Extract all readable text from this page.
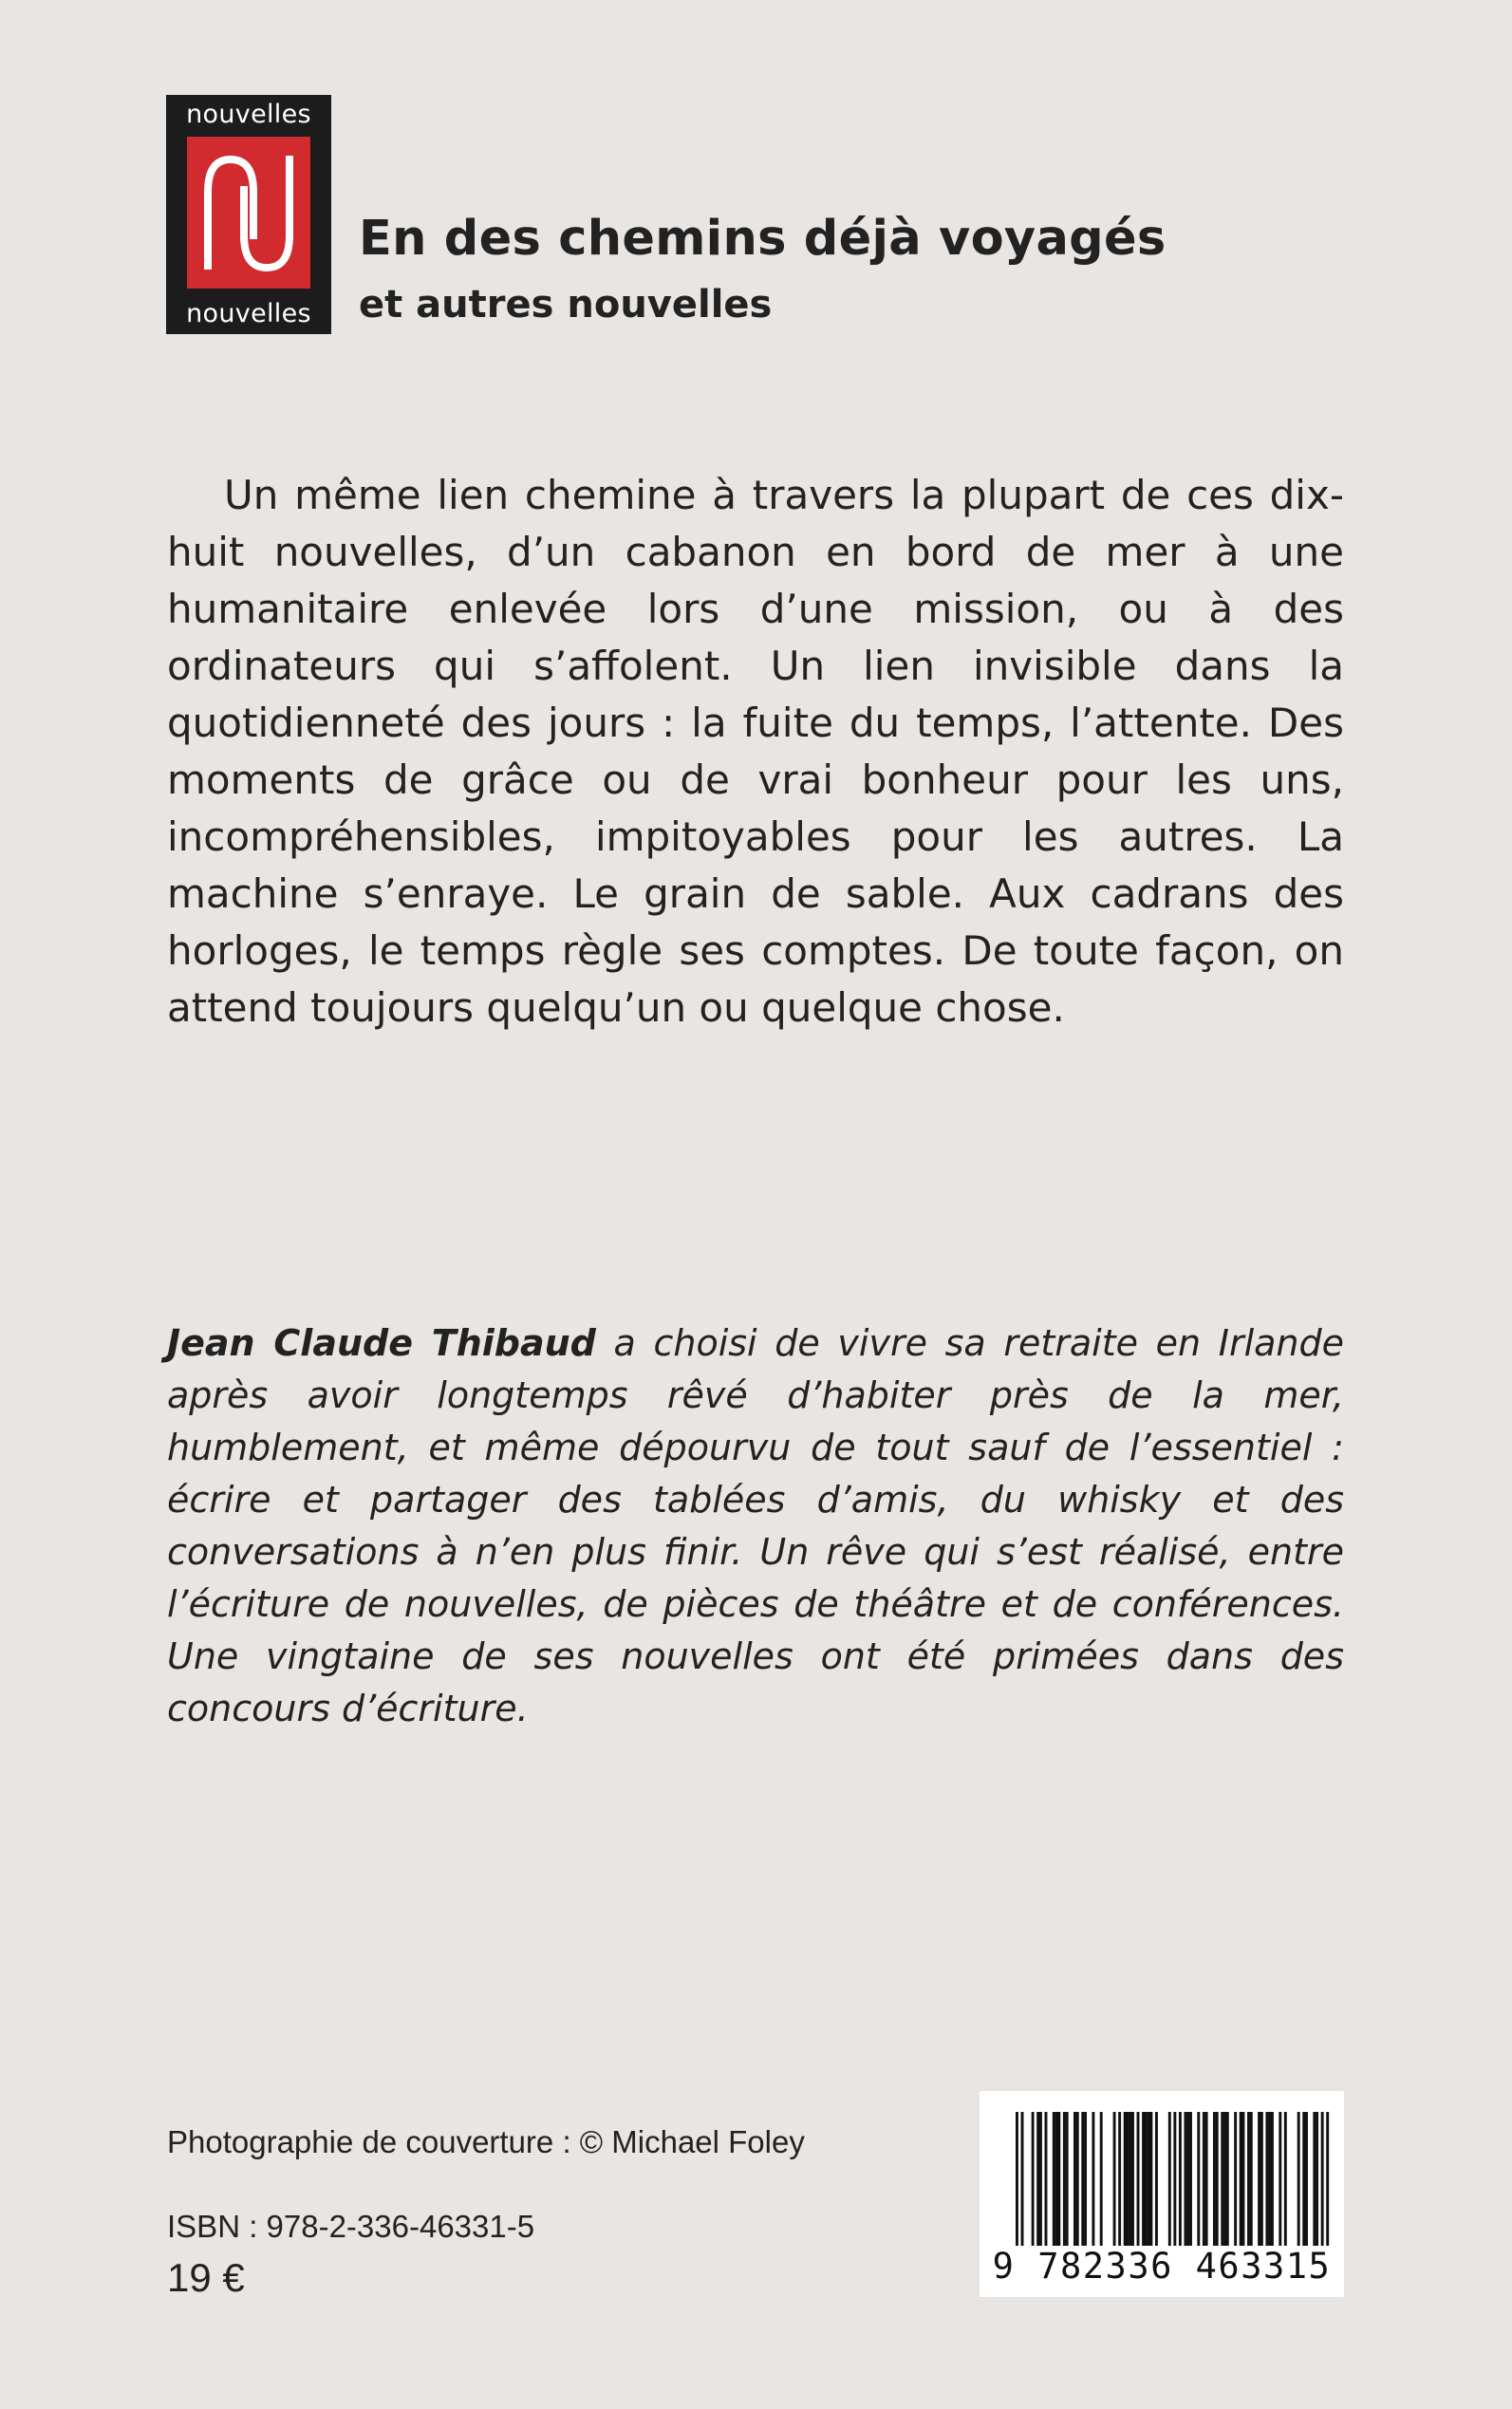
nouvelles
nouvelles
En des chemins déjà voyagés
et autres nouvelles

Un même lien chemine à travers la plupart de ces dix-huit nouvelles, d’un cabanon en bord de mer à une humanitaire enlevée lors d’une mission, ou à des ordinateurs qui s’affolent. Un lien invisible dans la quotidienneté des jours : la fuite du temps, l’attente. Des moments de grâce ou de vrai bonheur pour les uns, incompréhensibles, impitoyables pour les autres. La machine s’enraye. Le grain de sable. Aux cadrans des horloges, le temps règle ses comptes. De toute façon, on attend toujours quelqu’un ou quelque chose.

Jean Claude Thibaud a choisi de vivre sa retraite en Irlande après avoir longtemps rêvé d’habiter près de la mer, humblement, et même dépourvu de tout sauf de l’essentiel : écrire et partager des tablées d’amis, du whisky et des conversations à n’en plus finir. Un rêve qui s’est réalisé, entre l’écriture de nouvelles, de pièces de théâtre et de conférences. Une vingtaine de ses nouvelles ont été primées dans des concours d’écriture.

Photographie de couverture : © Michael Foley
ISBN : 978-2-336-46331-5
19 €	9 782336 463315
